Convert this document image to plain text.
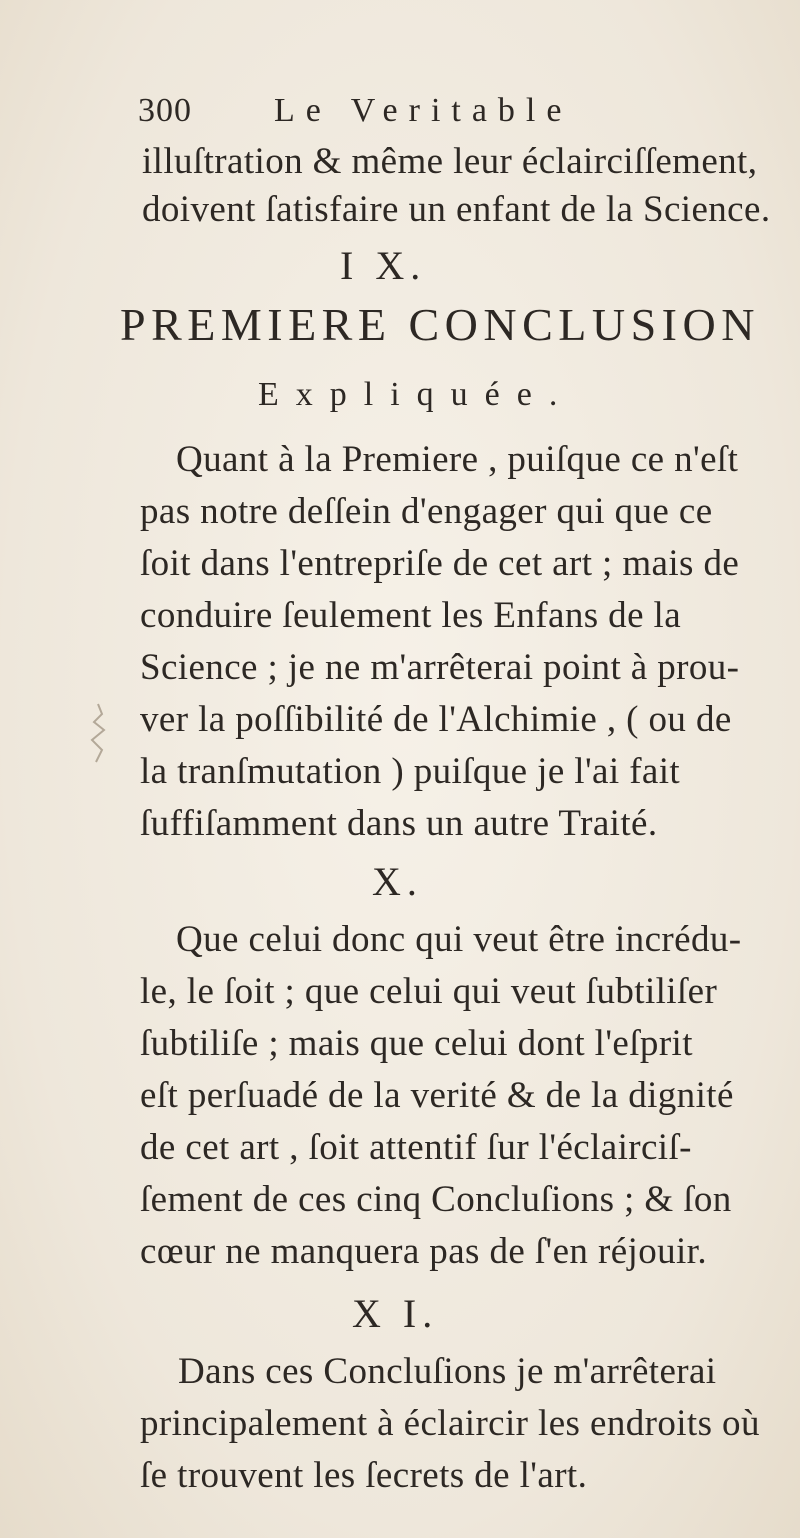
300 Le Veritable
illuſtration & même leur éclairciſſement,
doivent ſatisfaire un enfant de la Science.
I X.
PREMIERE CONCLUSION
Expliquée.
Quant à la Premiere , puiſque ce n'eſt
pas notre deſſein d'engager qui que ce
ſoit dans l'entrepriſe de cet art ; mais de
conduire ſeulement les Enfans de la
Science ; je ne m'arrêterai point à prou-
ver la poſſibilité de l'Alchimie , ( ou de
la tranſmutation ) puiſque je l'ai fait
ſuffiſamment dans un autre Traité.
X.
Que celui donc qui veut être incrédu-
le, le ſoit ; que celui qui veut ſubtiliſer
ſubtiliſe ; mais que celui dont l'eſprit
eſt perſuadé de la verité & de la dignité
de cet art , ſoit attentif ſur l'éclairciſ-
ſement de ces cinq Concluſions ; & ſon
cœur ne manquera pas de ſ'en réjouir.
X I.
Dans ces Concluſions je m'arrêterai
principalement à éclaircir les endroits où
ſe trouvent les ſecrets de l'art.
